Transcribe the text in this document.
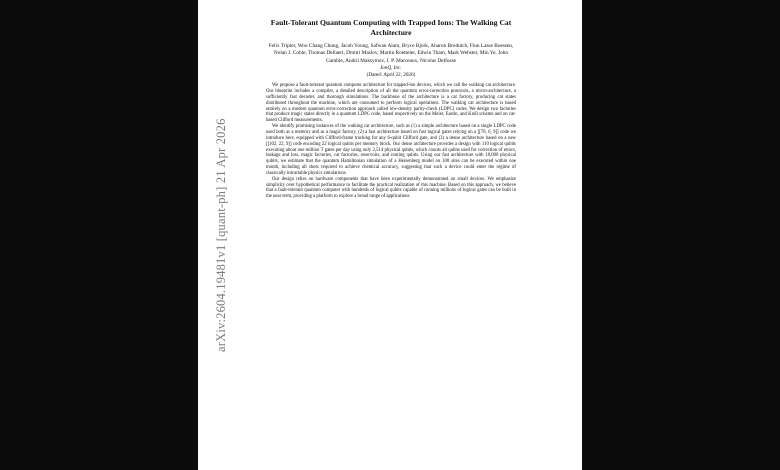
Fault-Tolerant Quantum Computing with Trapped Ions: The Walking Cat Architecture
Felix Tripier, Woo Chang Chung, Jacob Young, Safwan Alam, Bryce Bjork, Aharon Brodutch, Finn Lasse Buessen, Nolan J. Coble, Thomas Dellaert, Dmitri Maslov, Martin Roetteler, Edwin Tham, Mark Webster, Min Ye, John Gamble, Andrii Maksymov, J. P. Marceaux, Nicolas Delfosse
IonQ, Inc.
(Dated: April 22, 2026)

We propose a fault-tolerant quantum computer architecture for trapped-ion devices, which we call the walking cat architecture. Our blueprint includes a compiler, a detailed description of all the quantum error-correction protocols, a micro-architecture, a sufficiently fast decoder, and thorough simulations. The backbone of the architecture is a cat factory, producing cat states distributed throughout the machine, which are consumed to perform logical operations. The walking cat architecture is based entirely on a modern quantum error-correction approach called low-density parity-check (LDPC) codes. We design two factories that produce magic states directly in a quantum LDPC code, based respectively on the Meier, Eastin, and Knill scheme and on cat-based Clifford measurements.

We identify promising instances of the walking cat architecture, such as (1) a simple architecture based on a single LDPC code used both as a memory and as a magic factory, (2) a fast architecture based on fast logical gates relying on a [[70, 6, 9]] code we introduce here, equipped with Clifford-frame tracking for any 6-qubit Clifford gate, and (3) a dense architecture based on a new [[102, 22, 9]] code encoding 22 logical qubits per memory block. Our dense architecture provides a design with 110 logical qubits executing about one million T gates per day using only 2,514 physical qubits, which counts all qubits used for correction of errors, leakage and loss, magic factories, cat factories, reservoirs, and routing qubits. Using our fast architecture with 10,000 physical qubits, we estimate that the quantum Hamiltonian simulation of a Heisenberg model on 100 sites can be executed within one month, including all shots required to achieve chemical accuracy, suggesting that such a device could enter the regime of classically intractable physics simulations.

Our design relies on hardware components that have been experimentally demonstrated on small devices. We emphasize simplicity over hypothetical performance to facilitate the practical realization of this machine. Based on this approach, we believe that a fault-tolerant quantum computer with hundreds of logical qubits capable of running millions of logical gates can be built in the near term, providing a platform to explore a broad range of applications.

arXiv:2604.19481v1 [quant-ph] 21 Apr 2026
